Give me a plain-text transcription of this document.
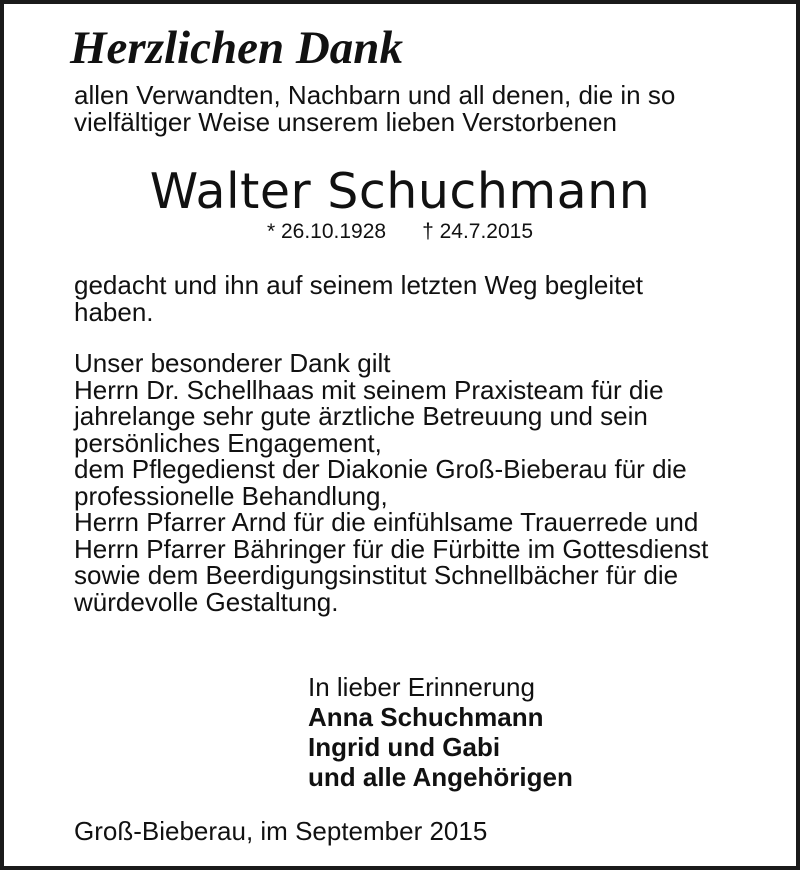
Herzlichen Dank
allen Verwandten, Nachbarn und all denen, die in so
vielfältiger Weise unserem lieben Verstorbenen
Walter Schuchmann
* 26.10.1928 † 24.7.2015
gedacht und ihn auf seinem letzten Weg begleitet
haben.
Unser besonderer Dank gilt
Herrn Dr. Schellhaas mit seinem Praxisteam für die
jahrelange sehr gute ärztliche Betreuung und sein
persönliches Engagement,
dem Pflegedienst der Diakonie Groß-Bieberau für die
professionelle Behandlung,
Herrn Pfarrer Arnd für die einfühlsame Trauerrede und
Herrn Pfarrer Bähringer für die Fürbitte im Gottesdienst
sowie dem Beerdigungsinstitut Schnellbächer für die
würdevolle Gestaltung.
In lieber Erinnerung
Anna Schuchmann
Ingrid und Gabi
und alle Angehörigen
Groß-Bieberau, im September 2015
